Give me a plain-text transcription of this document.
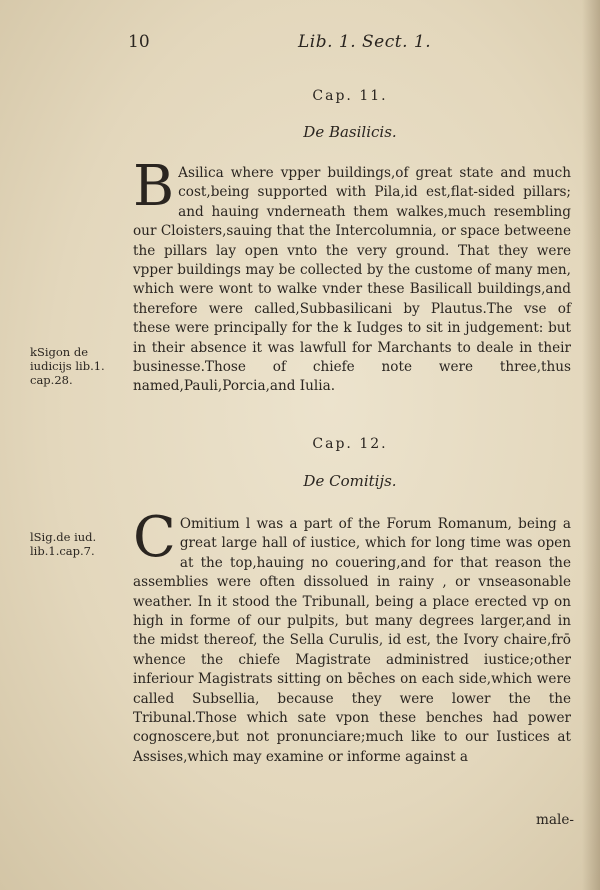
10	Lib. 1. Sect. 1.
Cap. 11.
De Basilicis.

B Asilica where vpper buildings,of great state and much cost,being supported with Pila,id est,flat-sided pillars; and hauing vnderneath them walkes,much resembling our Cloisters,sauing that the Intercolumnia, or space betweene the pillars lay open vnto the very ground. That they were vpper buildings may be collected by the custome of many men, which were wont to walke vnder these Basilicall buildings,and therefore were called,Subbasilicani by Plautus.The vse of these were principally for the k Iudges to sit in judgement: but in their absence it was lawfull for Marchants to deale in their businesse.Those of chiefe note were three,thus named,Pauli,Porcia,and Iulia.

kSigon de iudicijs lib.1. cap.28.
Cap. 12.
De Comitijs.

C Omitium l was a part of the Forum Romanum, being a great large hall of iustice, which for long time was open at the top,hauing no couering,and for that reason the assemblies were often dissolued in rainy , or vnseasonable weather. In it stood the Tribunall, being a place erected vp on high in forme of our pulpits, but many degrees larger,and in the midst thereof, the Sella Curulis, id est, the Ivory chaire,frō whence the chiefe Magistrate administred iustice;other inferiour Magistrats sitting on bēches on each side,which were called Subsellia, because they were lower the the Tribunal.Those which sate vpon these benches had power cognoscere,but not pronunciare;much like to our Iustices at Assises,which may examine or informe against a

lSig.de iud. lib.1.cap.7.
male-
